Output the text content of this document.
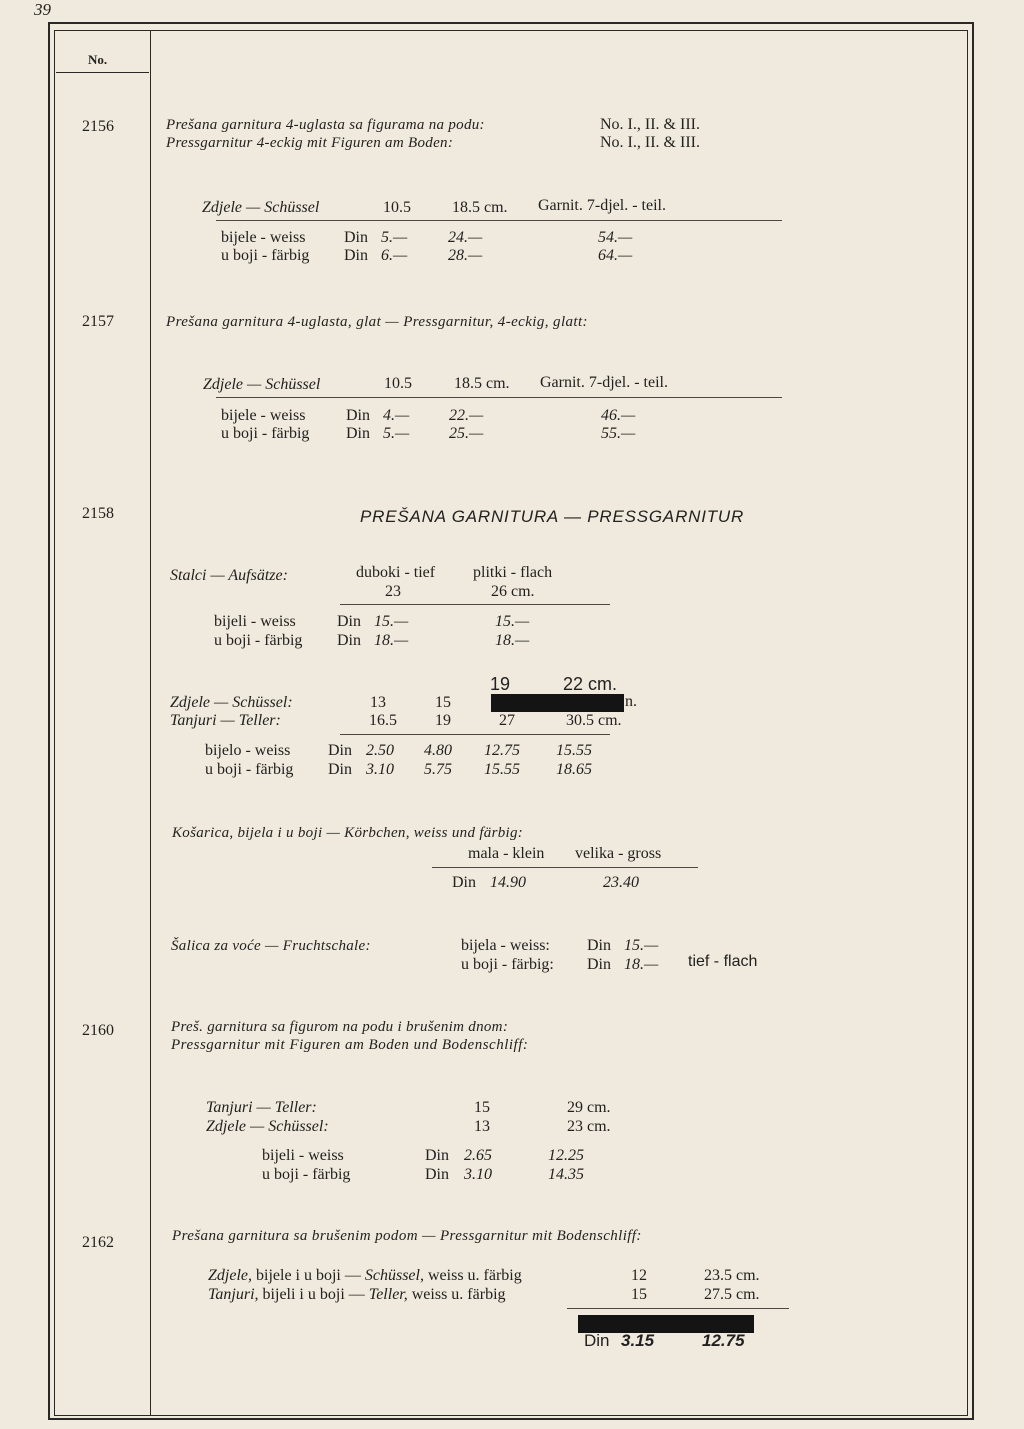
39
No.
2156	Prešana garnitura 4-uglasta sa figurama na podu:
Pressgarnitur 4-eckig mit Figuren am Boden:
No. I., II. & III.
No. I., II. & III.
Zdjele — Schüssel	10.5	18.5 cm. Garnit. 7-djel. - teil.
bijele - weiss Din 5.—	24.—	54.—
u boji - färbig Din 6.—	28.—	64.—
2157	Prešana garnitura 4-uglasta, glat — Pressgarnitur, 4-eckig, glatt:
Zdjele — Schüssel	10.5	18.5 cm. Garnit. 7-djel. - teil.
bijele - weiss	Din 4.— 22.—	46.—
u boji - färbig Din 5.— 25.—	55.—
2158	PREŠANA GARNITURA — PRESSGARNITUR
Stalci — Aufsätze:	duboki - tief plitki - flach
23	26 cm.
bijeli - weiss	Din 15.—	15.—
u boji - färbig Din 18.—	18.—
19	22 cm.
n.
Zdjele — Schüssel:	13	15
Tanjuri — Teller:	16.5 19	27	30.5 cm.
bijelo - weiss Din 2.50 4.80 12.75 15.55
u boji - färbig Din 3.10 5.75 15.55 18.65
Košarica, bijela i u boji — Körbchen, weiss und färbig:
mala - klein velika - gross
Din 14.90	23.40
Šalica za voće — Fruchtschale:	bijela - weiss: Din 15.—
u boji - färbig: Din 18.— tief - flach
2160	Preš. garnitura sa figurom na podu i brušenim dnom:
Pressgarnitur mit Figuren am Boden und Bodenschliff:
Tanjuri — Teller:	15	29 cm.
Zdjele — Schüssel:	13	23 cm.
bijeli - weiss	Din 2.65	12.25
u boji - färbig	Din 3.10	14.35
2162	Prešana garnitura sa brušenim podom — Pressgarnitur mit Bodenschliff:
Zdjele, bijele i u boji — Schüssel, weiss u. färbig	12	23.5 cm.
Tanjuri, bijeli i u boji — Teller, weiss u. färbig	15	27.5 cm.
Din 3.15	12.75
